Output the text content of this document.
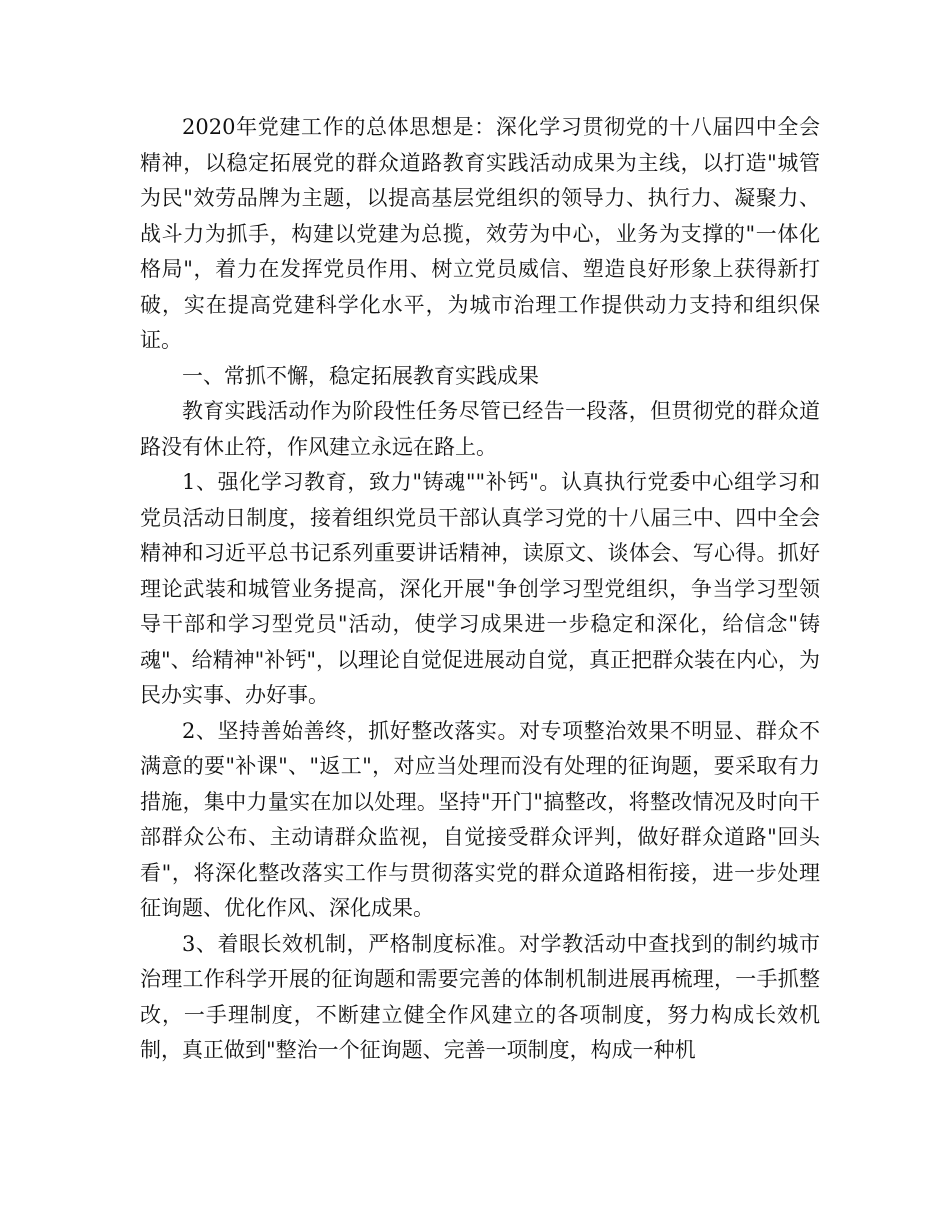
2020年党建工作的总体思想是：深化学习贯彻党的十八届四中全会精神，以稳定拓展党的群众道路教育实践活动成果为主线，以打造"城管为民"效劳品牌为主题，以提高基层党组织的领导力、执行力、凝聚力、战斗力为抓手，构建以党建为总揽，效劳为中心，业务为支撑的"一体化格局"，着力在发挥党员作用、树立党员威信、塑造良好形象上获得新打破，实在提高党建科学化水平，为城市治理工作提供动力支持和组织保证。

一、常抓不懈，稳定拓展教育实践成果

教育实践活动作为阶段性任务尽管已经告一段落，但贯彻党的群众道路没有休止符，作风建立永远在路上。

1、强化学习教育，致力"铸魂""补钙"。认真执行党委中心组学习和党员活动日制度，接着组织党员干部认真学习党的十八届三中、四中全会精神和习近平总书记系列重要讲话精神，读原文、谈体会、写心得。抓好理论武装和城管业务提高，深化开展"争创学习型党组织，争当学习型领导干部和学习型党员"活动，使学习成果进一步稳定和深化，给信念"铸魂"、给精神"补钙"，以理论自觉促进展动自觉，真正把群众装在内心，为民办实事、办好事。

2、坚持善始善终，抓好整改落实。对专项整治效果不明显、群众不满意的要"补课"、"返工"，对应当处理而没有处理的征询题，要采取有力措施，集中力量实在加以处理。坚持"开门"搞整改，将整改情况及时向干部群众公布、主动请群众监视，自觉接受群众评判，做好群众道路"回头看"，将深化整改落实工作与贯彻落实党的群众道路相衔接，进一步处理征询题、优化作风、深化成果。

3、着眼长效机制，严格制度标准。对学教活动中查找到的制约城市治理工作科学开展的征询题和需要完善的体制机制进展再梳理，一手抓整改，一手理制度，不断建立健全作风建立的各项制度，努力构成长效机制，真正做到"整治一个征询题、完善一项制度，构成一种机
